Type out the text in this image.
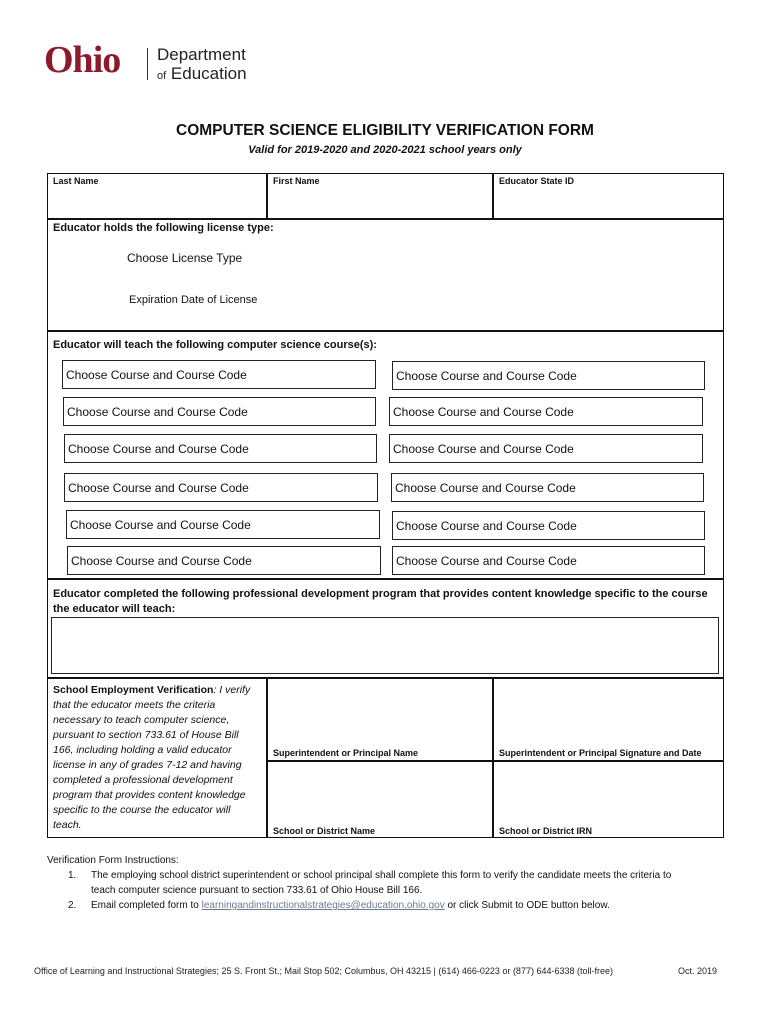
Ohio	Department
of Education
COMPUTER SCIENCE ELIGIBILITY VERIFICATION FORM
Valid for 2019-2020 and 2020-2021 school years only
Last Name	First Name	Educator State ID
Educator holds the following license type:
Choose License Type
Expiration Date of License
Educator will teach the following computer science course(s):
Choose Course and Course Code	Choose Course and Course Code
Choose Course and Course Code	Choose Course and Course Code
Choose Course and Course Code	Choose Course and Course Code
Choose Course and Course Code	Choose Course and Course Code
Choose Course and Course Code	Choose Course and Course Code
Choose Course and Course Code	Choose Course and Course Code
Educator completed the following professional development program that provides content knowledge specific to the course
the educator will teach:
School Employment Verification: I verify
that the educator meets the criteria
necessary to teach computer science,
pursuant to section 733.61 of House Bill
166, including holding a valid educator
license in any of grades 7-12 and having
completed a professional development
program that provides content knowledge
specific to the course the educator will
teach.
Superintendent or Principal Name	Superintendent or Principal Signature and Date
School or District Name	School or District IRN
Verification Form Instructions:
1. The employing school district superintendent or school principal shall complete this form to verify the candidate meets the criteria to
teach computer science pursuant to section 733.61 of Ohio House Bill 166.
2. Email completed form to learningandinstructionalstrategies@education.ohio.gov or click Submit to ODE button below.
Office of Learning and Instructional Strategies; 25 S. Front St.; Mail Stop 502; Columbus, OH 43215 | (614) 466-0223 or (877) 644-6338 (toll-free)	Oct. 2019
